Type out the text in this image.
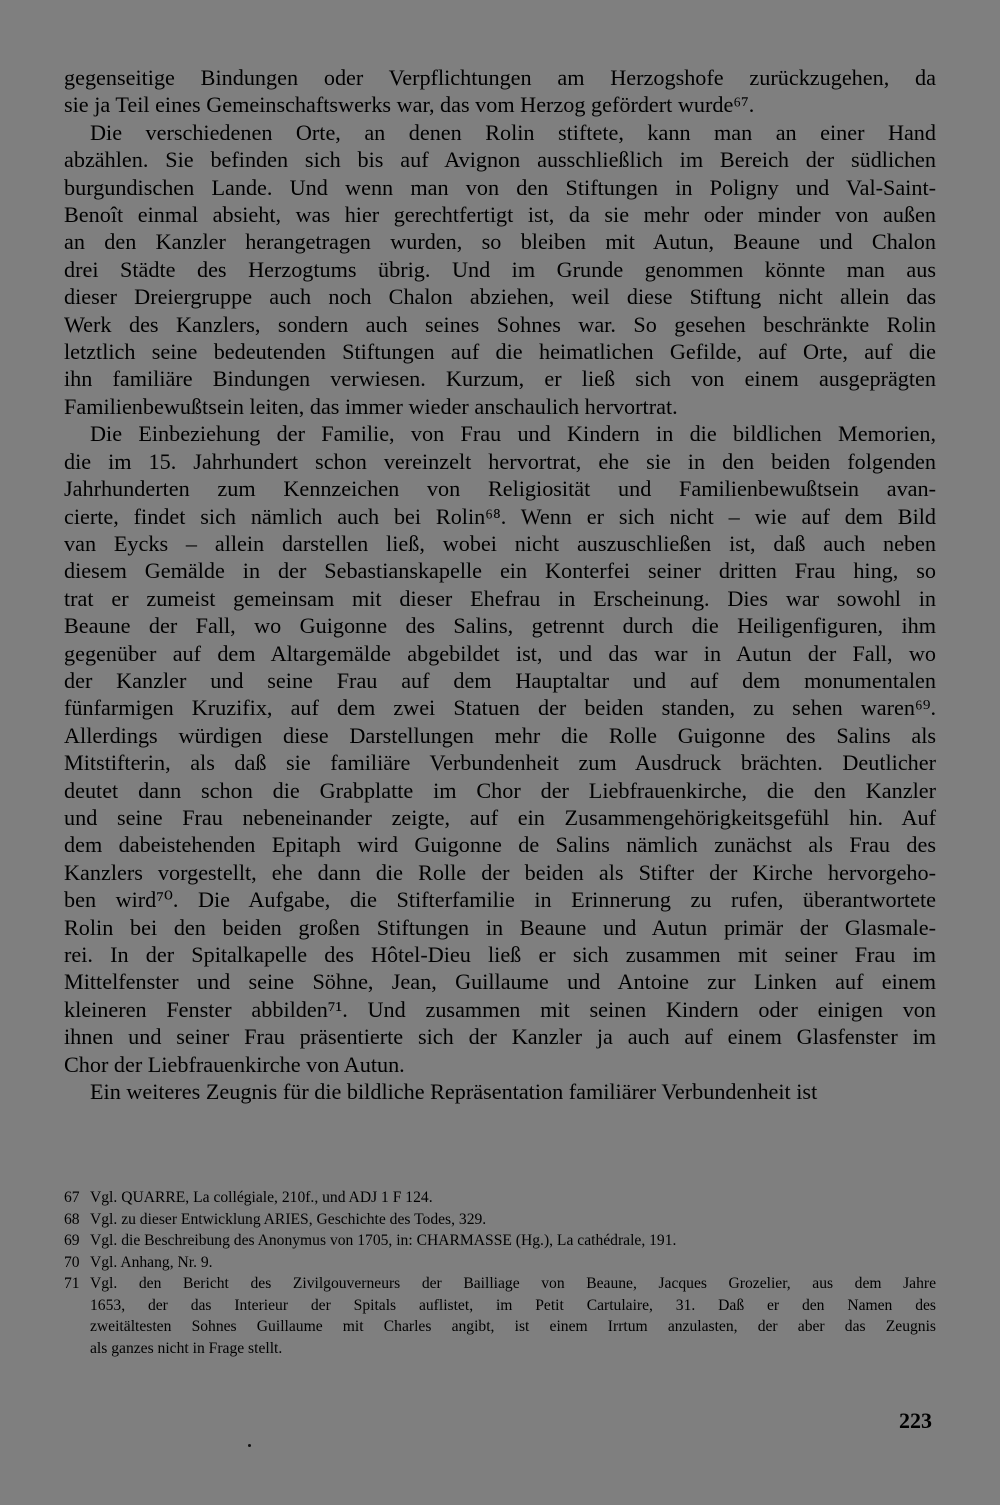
gegenseitige Bindungen oder Verpflichtungen am Herzogshofe zurückzugehen, da
sie ja Teil eines Gemeinschaftswerks war, das vom Herzog gefördert wurde⁶⁷.
Die verschiedenen Orte, an denen Rolin stiftete, kann man an einer Hand
abzählen. Sie befinden sich bis auf Avignon ausschließlich im Bereich der südlichen
burgundischen Lande. Und wenn man von den Stiftungen in Poligny und Val-Saint-
Benoît einmal absieht, was hier gerechtfertigt ist, da sie mehr oder minder von außen
an den Kanzler herangetragen wurden, so bleiben mit Autun, Beaune und Chalon
drei Städte des Herzogtums übrig. Und im Grunde genommen könnte man aus
dieser Dreiergruppe auch noch Chalon abziehen, weil diese Stiftung nicht allein das
Werk des Kanzlers, sondern auch seines Sohnes war. So gesehen beschränkte Rolin
letztlich seine bedeutenden Stiftungen auf die heimatlichen Gefilde, auf Orte, auf die
ihn familiäre Bindungen verwiesen. Kurzum, er ließ sich von einem ausgeprägten
Familienbewußtsein leiten, das immer wieder anschaulich hervortrat.
Die Einbeziehung der Familie, von Frau und Kindern in die bildlichen Memorien,
die im 15. Jahrhundert schon vereinzelt hervortrat, ehe sie in den beiden folgenden
Jahrhunderten zum Kennzeichen von Religiosität und Familienbewußtsein avan-
cierte, findet sich nämlich auch bei Rolin⁶⁸. Wenn er sich nicht – wie auf dem Bild
van Eycks – allein darstellen ließ, wobei nicht auszuschließen ist, daß auch neben
diesem Gemälde in der Sebastianskapelle ein Konterfei seiner dritten Frau hing, so
trat er zumeist gemeinsam mit dieser Ehefrau in Erscheinung. Dies war sowohl in
Beaune der Fall, wo Guigonne des Salins, getrennt durch die Heiligenfiguren, ihm
gegenüber auf dem Altargemälde abgebildet ist, und das war in Autun der Fall, wo
der Kanzler und seine Frau auf dem Hauptaltar und auf dem monumentalen
fünfarmigen Kruzifix, auf dem zwei Statuen der beiden standen, zu sehen waren⁶⁹.
Allerdings würdigen diese Darstellungen mehr die Rolle Guigonne des Salins als
Mitstifterin, als daß sie familiäre Verbundenheit zum Ausdruck brächten. Deutlicher
deutet dann schon die Grabplatte im Chor der Liebfrauenkirche, die den Kanzler
und seine Frau nebeneinander zeigte, auf ein Zusammengehörigkeitsgefühl hin. Auf
dem dabeistehenden Epitaph wird Guigonne de Salins nämlich zunächst als Frau des
Kanzlers vorgestellt, ehe dann die Rolle der beiden als Stifter der Kirche hervorgeho-
ben wird⁷⁰. Die Aufgabe, die Stifterfamilie in Erinnerung zu rufen, überantwortete
Rolin bei den beiden großen Stiftungen in Beaune und Autun primär der Glasmale-
rei. In der Spitalkapelle des Hôtel-Dieu ließ er sich zusammen mit seiner Frau im
Mittelfenster und seine Söhne, Jean, Guillaume und Antoine zur Linken auf einem
kleineren Fenster abbilden⁷¹. Und zusammen mit seinen Kindern oder einigen von
ihnen und seiner Frau präsentierte sich der Kanzler ja auch auf einem Glasfenster im
Chor der Liebfrauenkirche von Autun.
Ein weiteres Zeugnis für die bildliche Repräsentation familiärer Verbundenheit ist
67 Vgl. QUARRE, La collégiale, 210f., und ADJ 1 F 124.
68 Vgl. zu dieser Entwicklung ARIES, Geschichte des Todes, 329.
69 Vgl. die Beschreibung des Anonymus von 1705, in: CHARMASSE (Hg.), La cathédrale, 191.
70 Vgl. Anhang, Nr. 9.
71 Vgl. den Bericht des Zivilgouverneurs der Bailliage von Beaune, Jacques Grozelier, aus dem Jahre
1653, der das Interieur der Spitals auflistet, im Petit Cartulaire, 31. Daß er den Namen des
zweitältesten Sohnes Guillaume mit Charles angibt, ist einem Irrtum anzulasten, der aber das Zeugnis
als ganzes nicht in Frage stellt.
223
